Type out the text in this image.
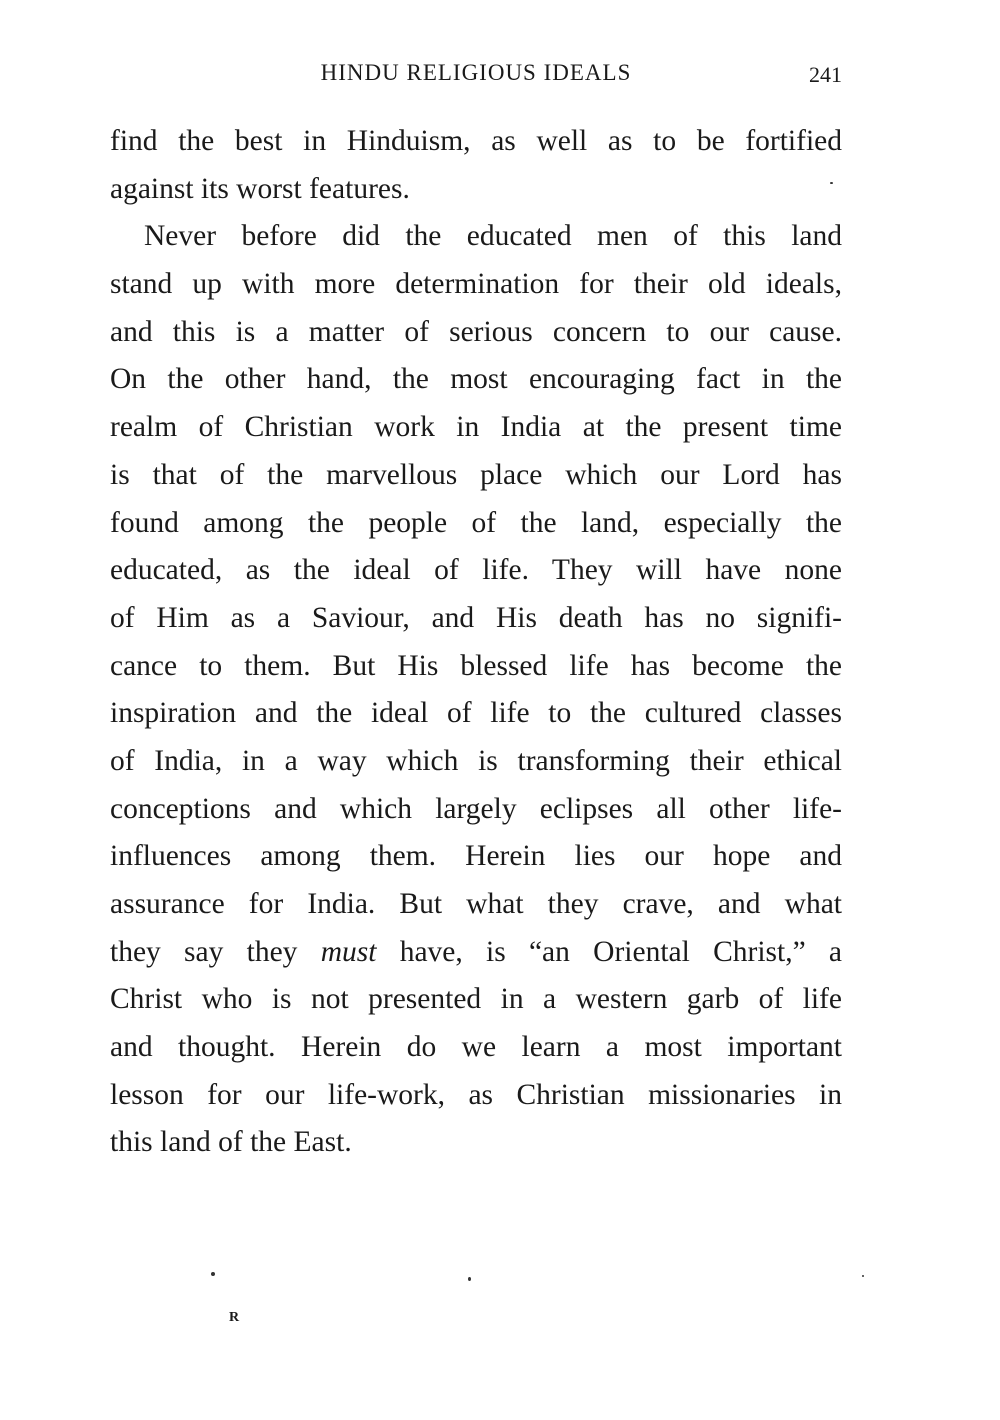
HINDU RELIGIOUS IDEALS	241
find the best in Hinduism, as well as to be fortified
against its worst features.
Never before did the educated men of this land
stand up with more determination for their old ideals,
and this is a matter of serious concern to our cause.
On the other hand, the most encouraging fact in the
realm of Christian work in India at the present time
is that of the marvellous place which our Lord has
found among the people of the land, especially the
educated, as the ideal of life. They will have none
of Him as a Saviour, and His death has no signifi-
cance to them. But His blessed life has become the
inspiration and the ideal of life to the cultured classes
of India, in a way which is transforming their ethical
conceptions and which largely eclipses all other life-
influences among them. Herein lies our hope and
assurance for India. But what they crave, and what
they say they must have, is “an Oriental Christ,” a
Christ who is not presented in a western garb of life
and thought. Herein do we learn a most important
lesson for our life-work, as Christian missionaries in
this land of the East.
R
